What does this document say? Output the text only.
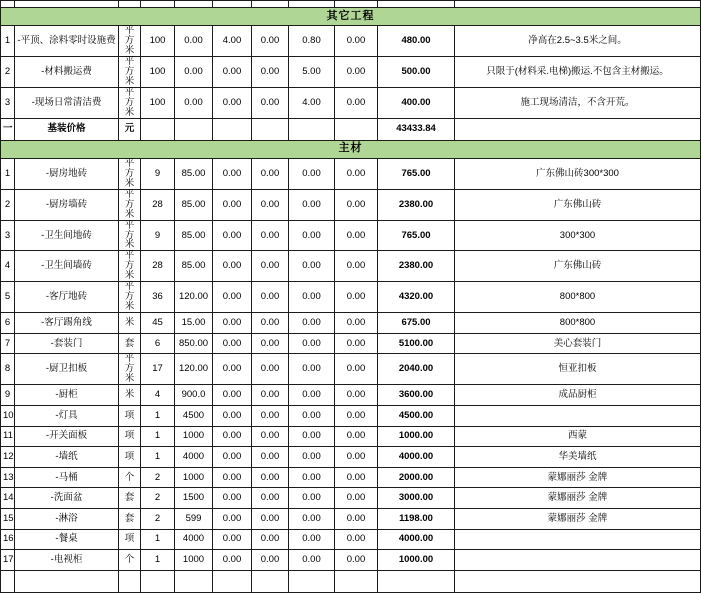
其它工程										
1	-平顶、涂料零时设施费	平方米	100	0.00	4.00	0.00	0.80	0.00	480.00	净高在2.5~3.5米之间。
2	-材料搬运费	平方米	100	0.00	0.00	0.00	5.00	0.00	500.00	只限于(材料采.电梯)搬运.不包含主材搬运。
3	-现场日常清洁费	平方米	100	0.00	0.00	0.00	4.00	0.00	400.00	施工现场清洁，不含开荒。
一	基装价格	元							43433.84	
主材										
1	-厨房地砖	平方米	9	85.00	0.00	0.00	0.00	0.00	765.00	广东佛山砖300*300
2	-厨房墙砖	平方米	28	85.00	0.00	0.00	0.00	0.00	2380.00	广东佛山砖
3	-卫生间地砖	平方米	9	85.00	0.00	0.00	0.00	0.00	765.00	300*300
4	-卫生间墙砖	平方米	28	85.00	0.00	0.00	0.00	0.00	2380.00	广东佛山砖
5	-客厅地砖	平方米	36	120.00	0.00	0.00	0.00	0.00	4320.00	800*800
6	-客厅踢角线	米	45	15.00	0.00	0.00	0.00	0.00	675.00	800*800
7	-套装门	套	6	850.00	0.00	0.00	0.00	0.00	5100.00	美心套装门
8	-厨卫扣板	平方米	17	120.00	0.00	0.00	0.00	0.00	2040.00	恒亚扣板
9	-厨柜	米	4	900.0	0.00	0.00	0.00	0.00	3600.00	成品厨柜
10	-灯具	项	1	4500	0.00	0.00	0.00	0.00	4500.00	
11	-开关面板	项	1	1000	0.00	0.00	0.00	0.00	1000.00	西蒙
12	-墙纸	项	1	4000	0.00	0.00	0.00	0.00	4000.00	华美墙纸
13	-马桶	个	2	1000	0.00	0.00	0.00	0.00	2000.00	蒙娜丽莎 金牌
14	-洗面盆	套	2	1500	0.00	0.00	0.00	0.00	3000.00	蒙娜丽莎 金牌
15	-淋浴	套	2	599	0.00	0.00	0.00	0.00	1198.00	蒙娜丽莎 金牌
16	-餐桌	项	1	4000	0.00	0.00	0.00	0.00	4000.00	
17	-电视柜	个	1	1000	0.00	0.00	0.00	0.00	1000.00	
